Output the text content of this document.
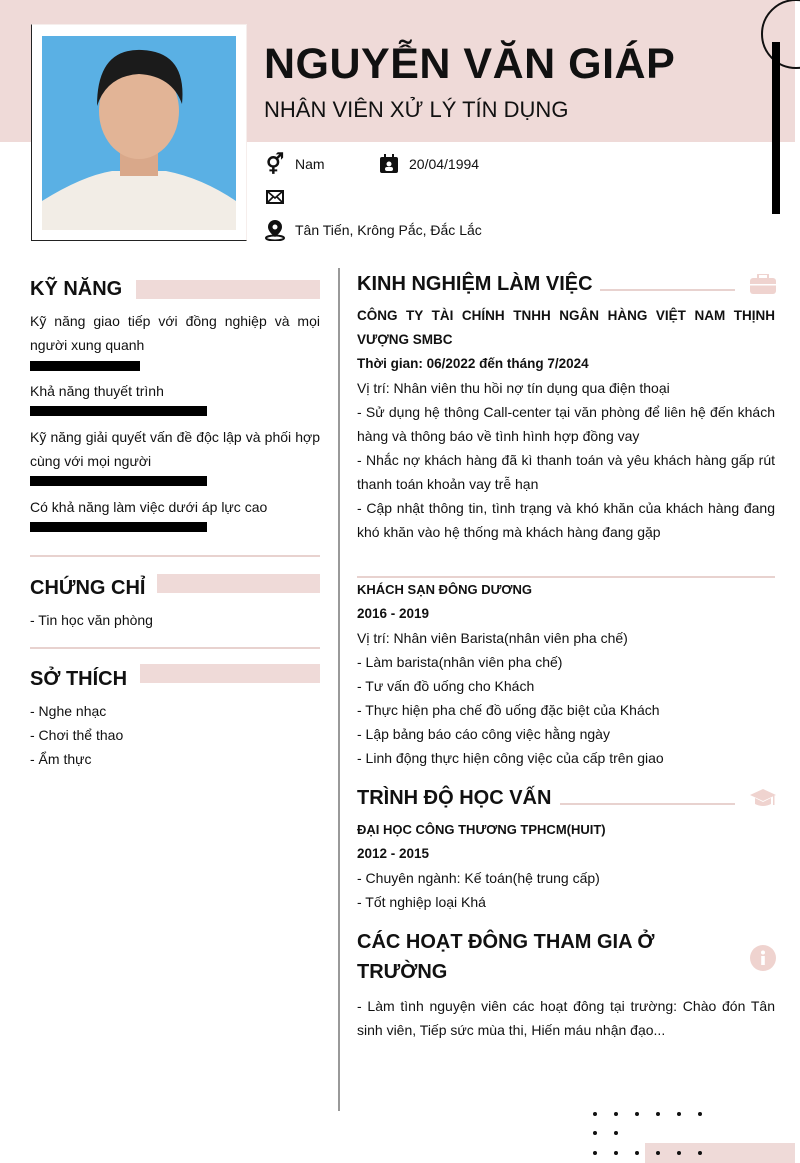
NGUYỄN VĂN GIÁP
NHÂN VIÊN XỬ LÝ TÍN DỤNG
⚥ Nam	20/04/1994
Tân Tiến, Krông Pắc, Đắc Lắc
KỸ NĂNG
Kỹ năng giao tiếp với đồng nghiệp và mọi người xung quanh
Khả năng thuyết trình
Kỹ năng giải quyết vấn đề độc lập và phối hợp cùng với mọi người
Có khả năng làm việc dưới áp lực cao
CHỨNG CHỈ
- Tin học văn phòng
SỞ THÍCH
- Nghe nhạc
- Chơi thể thao
- Ẩm thực
KINH NGHIỆM LÀM VIỆC
CÔNG TY TÀI CHÍNH TNHH NGÂN HÀNG VIỆT NAM THỊNH VƯỢNG SMBC
Thời gian: 06/2022 đến tháng 7/2024
Vị trí: Nhân viên thu hồi nợ tín dụng qua điện thoại
- Sử dụng hệ thông Call-center tại văn phòng để liên hệ đến khách hàng và thông báo về tình hình hợp đồng vay
- Nhắc nợ khách hàng đã kì thanh toán và yêu khách hàng gấp rút thanh toán khoản vay trễ hạn
- Cập nhật thông tin, tình trạng và khó khăn của khách hàng đang khó khăn vào hệ thống mà khách hàng đang gặp
KHÁCH SẠN ĐÔNG DƯƠNG
2016 - 2019
Vị trí: Nhân viên Barista(nhân viên pha chế)
- Làm barista(nhân viên pha chế)
- Tư vấn đồ uống cho Khách
- Thực hiện pha chế đồ uống đặc biệt của Khách
- Lập bảng báo cáo công việc hằng ngày
- Linh động thực hiện công việc của cấp trên giao
TRÌNH ĐỘ HỌC VẤN
ĐẠI HỌC CÔNG THƯƠNG TPHCM(HUIT)
2012 - 2015
- Chuyên ngành: Kế toán(hệ trung cấp)
- Tốt nghiệp loại Khá
CÁC HOẠT ĐÔNG THAM GIA Ở
TRƯỜNG
- Làm tình nguyện viên các hoạt đông tại trường: Chào đón Tân sinh viên, Tiếp sức mùa thi, Hiến máu nhận đạo...
